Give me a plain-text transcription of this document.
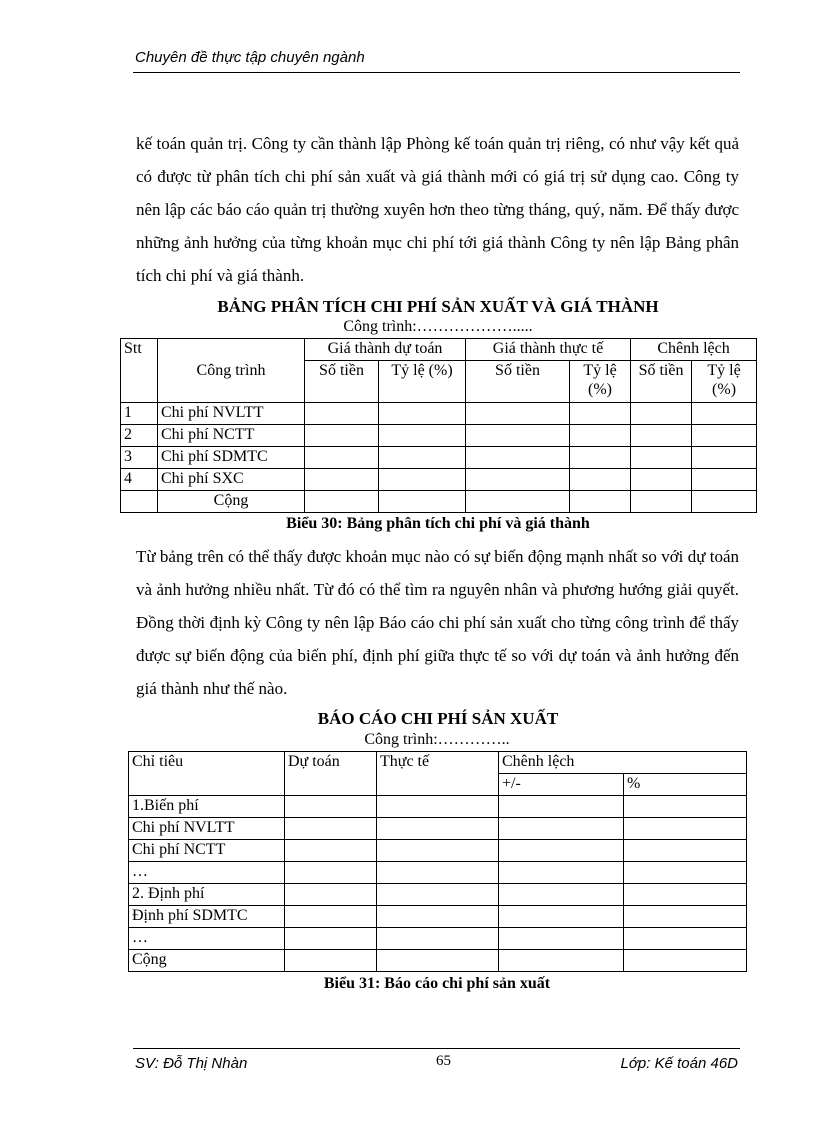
Chuyên đề thực tập chuyên ngành

kế toán quản trị. Công ty cần thành lập Phòng kế toán quản trị riêng, có như vậy kết quả có được từ phân tích chi phí sản xuất và giá thành mới có giá trị sử dụng cao. Công ty nên lập các báo cáo quản trị thường xuyên hơn theo từng tháng, quý, năm. Để thấy được những ảnh hưởng của từng khoản mục chi phí tới giá thành Công ty nên lập Bảng phân tích chi phí và giá thành.

BẢNG PHÂN TÍCH CHI PHÍ SẢN XUẤT VÀ GIÁ THÀNH

Công trình:……………….....

Stt	Công trình	Giá thành dự toán		Giá thành thực tế		Chênh lệch	
		Số tiền	Tỷ lệ (%)	Số tiền	Tỷ lệ (%)	Số tiền	Tỷ lệ (%)
1	Chi phí NVLTT						
2	Chi phí NCTT						
3	Chi phí SDMTC						
4	Chi phí SXC						
	Cộng						

Biểu 30: Bảng phân tích chi phí và giá thành

Từ bảng trên có thể thấy được khoản mục nào có sự biến động mạnh nhất so với dự toán và ảnh hưởng nhiều nhất. Từ đó có thể tìm ra nguyên nhân và phương hướng giải quyết. Đồng thời định kỳ Công ty nên lập Báo cáo chi phí sản xuất cho từng công trình để thấy được sự biến động của biến phí, định phí giữa thực tế so với dự toán và ảnh hưởng đến giá thành như thế nào.

BÁO CÁO CHI PHÍ SẢN XUẤT

Công trình:…………..

Chỉ tiêu	Dự toán	Thực tế	Chênh lệch	
			+/-	%
1.Biến phí				
Chi phí NVLTT				
Chi phí NCTT				
…				
2. Định phí				
Định phí SDMTC				
…				
Cộng				

Biểu 31: Báo cáo chi phí sản xuất

SV: Đỗ Thị Nhàn	65	Lớp: Kế toán 46D
